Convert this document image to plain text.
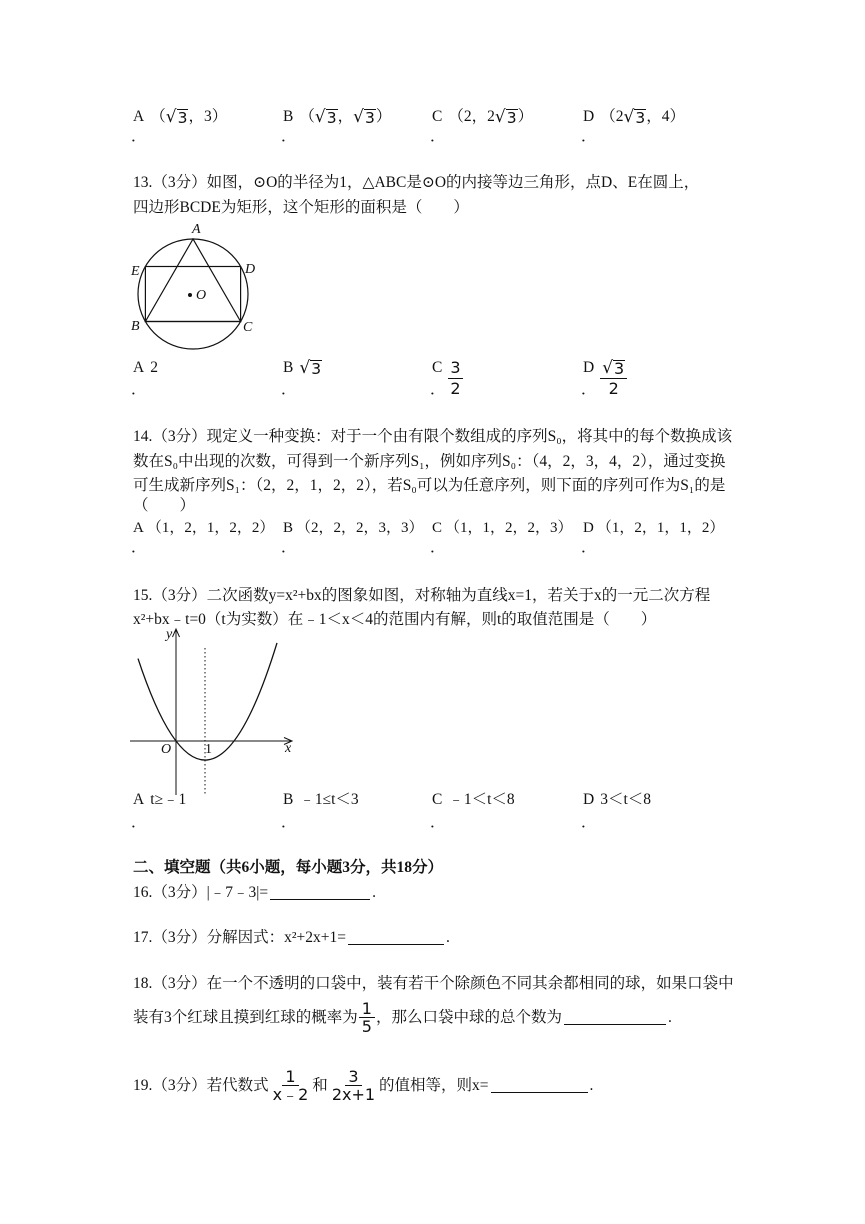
A （ √ 3 ，3）	B （ √ 3 ， √ 3 ）	C （2，2 √ 3 ）	D （2 √ 3 ，4）
．	．	．	．
13.（3分）如图，⊙O的半径为1，△ABC是⊙O的内接等边三角形，点D、E在圆上，
四边形BCDE为矩形，这个矩形的面积是（　　）
A
E	D
B	C
O
A 2	B √ 3	C $\frac{3}{2}$	D $\frac{√ 3}{2}$
．	．	．	．
14.（3分）现定义一种变换：对于一个由有限个数组成的序列S₀，将其中的每个数换成该
数在S₀中出现的次数，可得到一个新序列S₁，例如序列S₀：（4，2，3，4，2），通过变换
可生成新序列S₁：（2，2，1，2，2），若S₀可以为任意序列，则下面的序列可作为S₁的是
（　　）
A （1，2，1，2，2） B （2，2，2，3，3） C （1，1，2，2，3） D （1，2，1，1，2）
．	．	．	．
15.（3分）二次函数y=x²+bx的图象如图，对称轴为直线x=1，若关于x的一元二次方程
x²+bx﹣t=0（t为实数）在﹣1＜x＜4的范围内有解，则t的取值范围是（　　）
y
x
O 1
A t≥﹣1	B ﹣1≤t＜3	C ﹣1＜t＜8	D 3＜t＜8
．	．	．	．
二、填空题（共6小题，每小题3分，共18分）
16.（3分）|﹣7﹣3|=	.
17.（3分）分解因式：x²+2x+1=	.
18.（3分）在一个不透明的口袋中，装有若干个除颜色不同其余都相同的球，如果口袋中
装有3个红球且摸到红球的概率为 $\frac{1}{5}$ ，那么口袋中球的总个数为	.
19.（3分）若代数式 $\frac{1}{x﹣2}$ 和 $\frac{3}{2x+1}$ 的值相等，则x=	.
